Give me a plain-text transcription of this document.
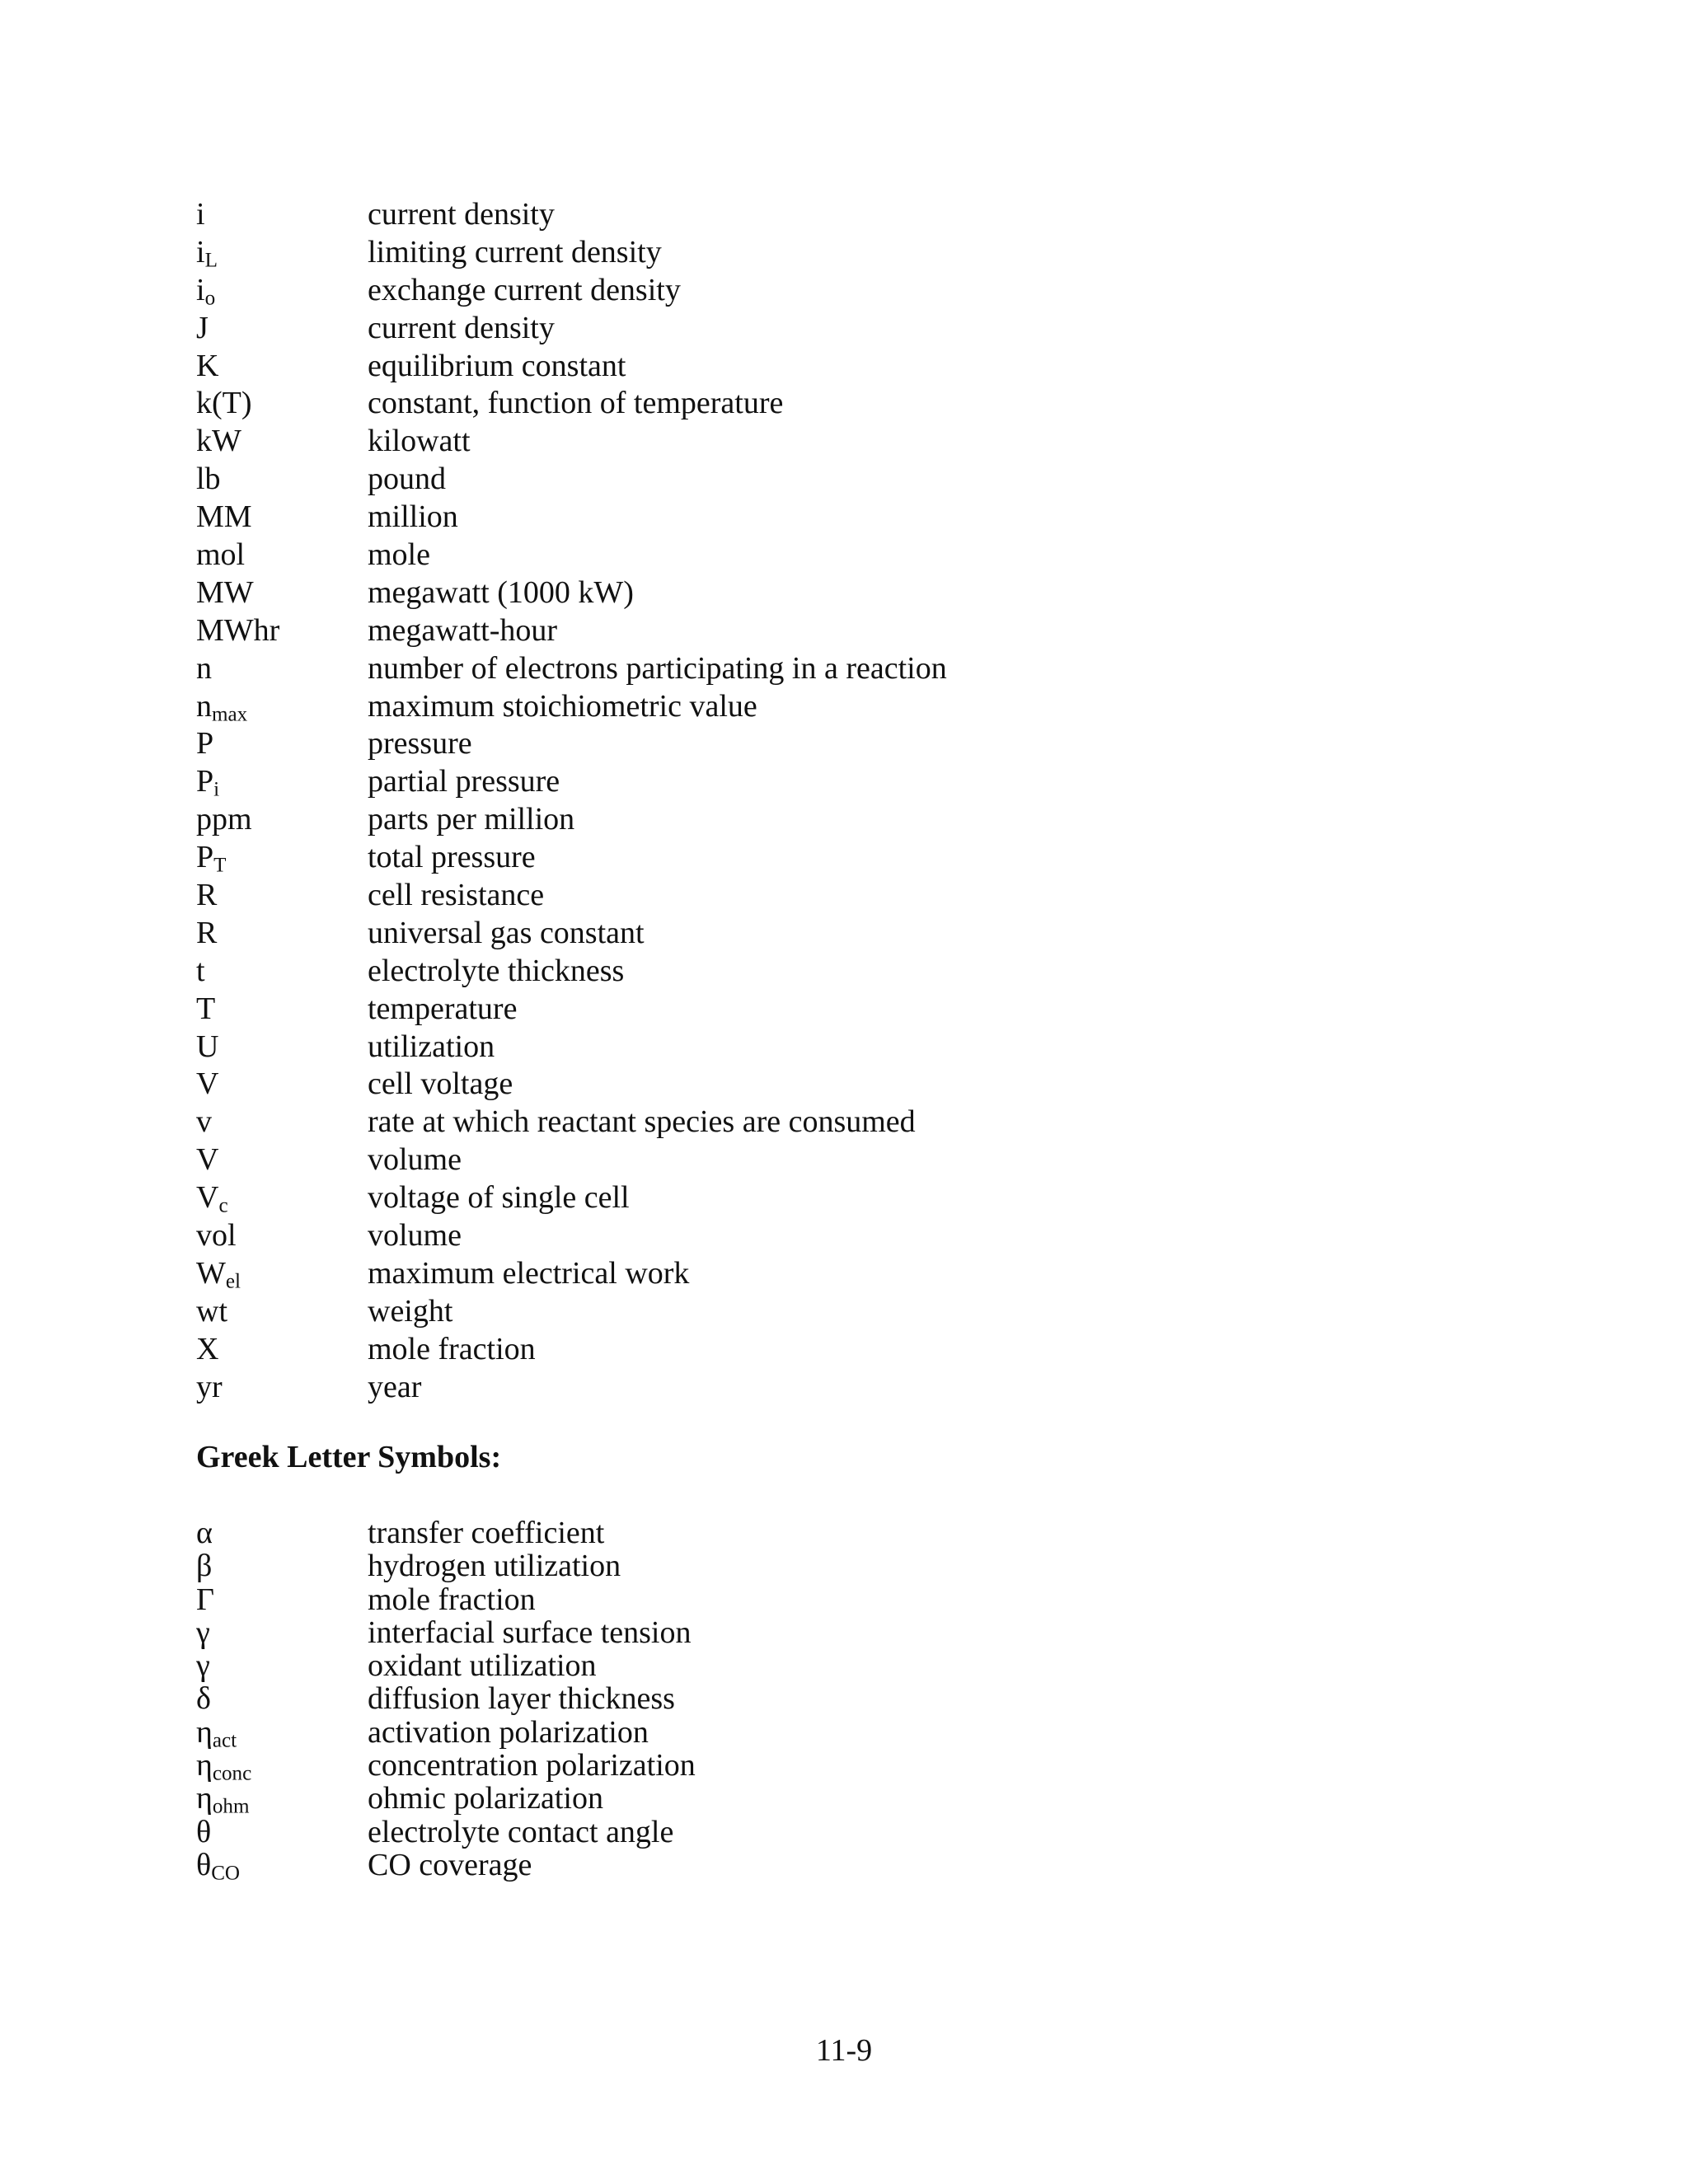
i	current density
$i_L$	limiting current density
$i_o$	exchange current density
J	current density
K	equilibrium constant
k(T)	constant, function of temperature
kW	kilowatt
lb	pound
MM	million
mol	mole
MW	megawatt (1000 kW)
MWhr	megawatt-hour
n	number of electrons participating in a reaction
$n_{max}$	maximum stoichiometric value
P	pressure
$P_i$	partial pressure
ppm	parts per million
$P_T$	total pressure
R	cell resistance
R	universal gas constant
t	electrolyte thickness
T	temperature
U	utilization
V	cell voltage
v	rate at which reactant species are consumed
V	volume
$V_c$	voltage of single cell
vol	volume
$W_{el}$	maximum electrical work
wt	weight
X	mole fraction
yr	year
Greek Letter Symbols:
α	transfer coefficient
β	hydrogen utilization
Γ	mole fraction
γ	interfacial surface tension
γ	oxidant utilization
δ	diffusion layer thickness
$\eta_{act}$	activation polarization
$\eta_{conc}$	concentration polarization
$\eta_{ohm}$	ohmic polarization
θ	electrolyte contact angle
$\theta_{CO}$	CO coverage
11-9
